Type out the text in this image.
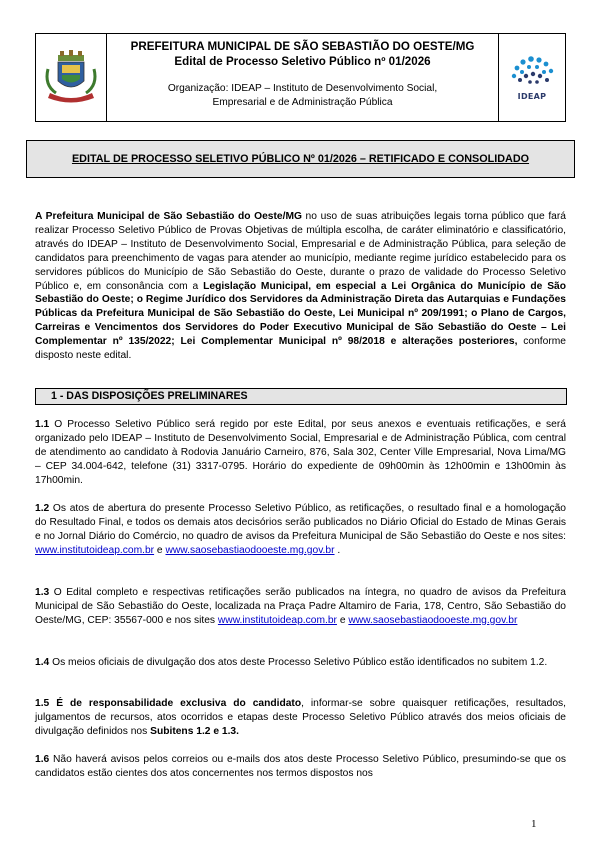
PREFEITURA MUNICIPAL DE SÃO SEBASTIÃO DO OESTE/MG
Edital de Processo Seletivo Público nº 01/2026
Organização: IDEAP – Instituto de Desenvolvimento Social,
Empresarial e de Administração Pública
IDEAP
EDITAL DE PROCESSO SELETIVO PÚBLICO Nº 01/2026 – RETIFICADO E CONSOLIDADO
A Prefeitura Municipal de São Sebastião do Oeste/MG no uso de suas atribuições legais torna público que fará realizar Processo Seletivo Público de Provas Objetivas de múltipla escolha, de caráter eliminatório e classificatório, através do IDEAP – Instituto de Desenvolvimento Social, Empresarial e de Administração Pública, para seleção de candidatos para preenchimento de vagas para atender ao município, mediante regime jurídico estabelecido para os servidores públicos do Município de São Sebastião do Oeste, durante o prazo de validade do Processo Seletivo Público e, em consonância com a Legislação Municipal, em especial a Lei Orgânica do Município de São Sebastião do Oeste; o Regime Jurídico dos Servidores da Administração Direta das Autarquias e Fundações Públicas da Prefeitura Municipal de São Sebastião do Oeste, Lei Municipal nº 209/1991; o Plano de Cargos, Carreiras e Vencimentos dos Servidores do Poder Executivo Municipal de São Sebastião do Oeste – Lei Complementar nº 135/2022; Lei Complementar Municipal nº 98/2018 e alterações posteriores, conforme disposto neste edital.
1 - DAS DISPOSIÇÕES PRELIMINARES
1.1 O Processo Seletivo Público será regido por este Edital, por seus anexos e eventuais retificações, e será organizado pelo IDEAP – Instituto de Desenvolvimento Social, Empresarial e de Administração Pública, com central de atendimento ao candidato à Rodovia Januário Carneiro, 876, Sala 302, Center Ville Empresarial, Nova Lima/MG – CEP 34.004-642, telefone (31) 3317-0795. Horário do expediente de 09h00min às 12h00min e 13h00min às 17h00min.
1.2 Os atos de abertura do presente Processo Seletivo Público, as retificações, o resultado final e a homologação do Resultado Final, e todos os demais atos decisórios serão publicados no Diário Oficial do Estado de Minas Gerais e no Jornal Diário do Comércio, no quadro de avisos da Prefeitura Municipal de São Sebastião do Oeste e nos sites: www.institutoideap.com.br e www.saosebastiaodooeste.mg.gov.br .
1.3 O Edital completo e respectivas retificações serão publicados na íntegra, no quadro de avisos da Prefeitura Municipal de São Sebastião do Oeste, localizada na Praça Padre Altamiro de Faria, 178, Centro, São Sebastião do Oeste/MG, CEP: 35567-000 e nos sites www.institutoideap.com.br e www.saosebastiaodooeste.mg.gov.br
1.4 Os meios oficiais de divulgação dos atos deste Processo Seletivo Público estão identificados no subitem 1.2.
1.5 É de responsabilidade exclusiva do candidato, informar-se sobre quaisquer retificações, resultados, julgamentos de recursos, atos ocorridos e etapas deste Processo Seletivo Público através dos meios oficiais de divulgação definidos nos Subitens 1.2 e 1.3.
1.6 Não haverá avisos pelos correios ou e-mails dos atos deste Processo Seletivo Público, presumindo-se que os candidatos estão cientes dos atos concernentes nos termos dispostos nos
1
